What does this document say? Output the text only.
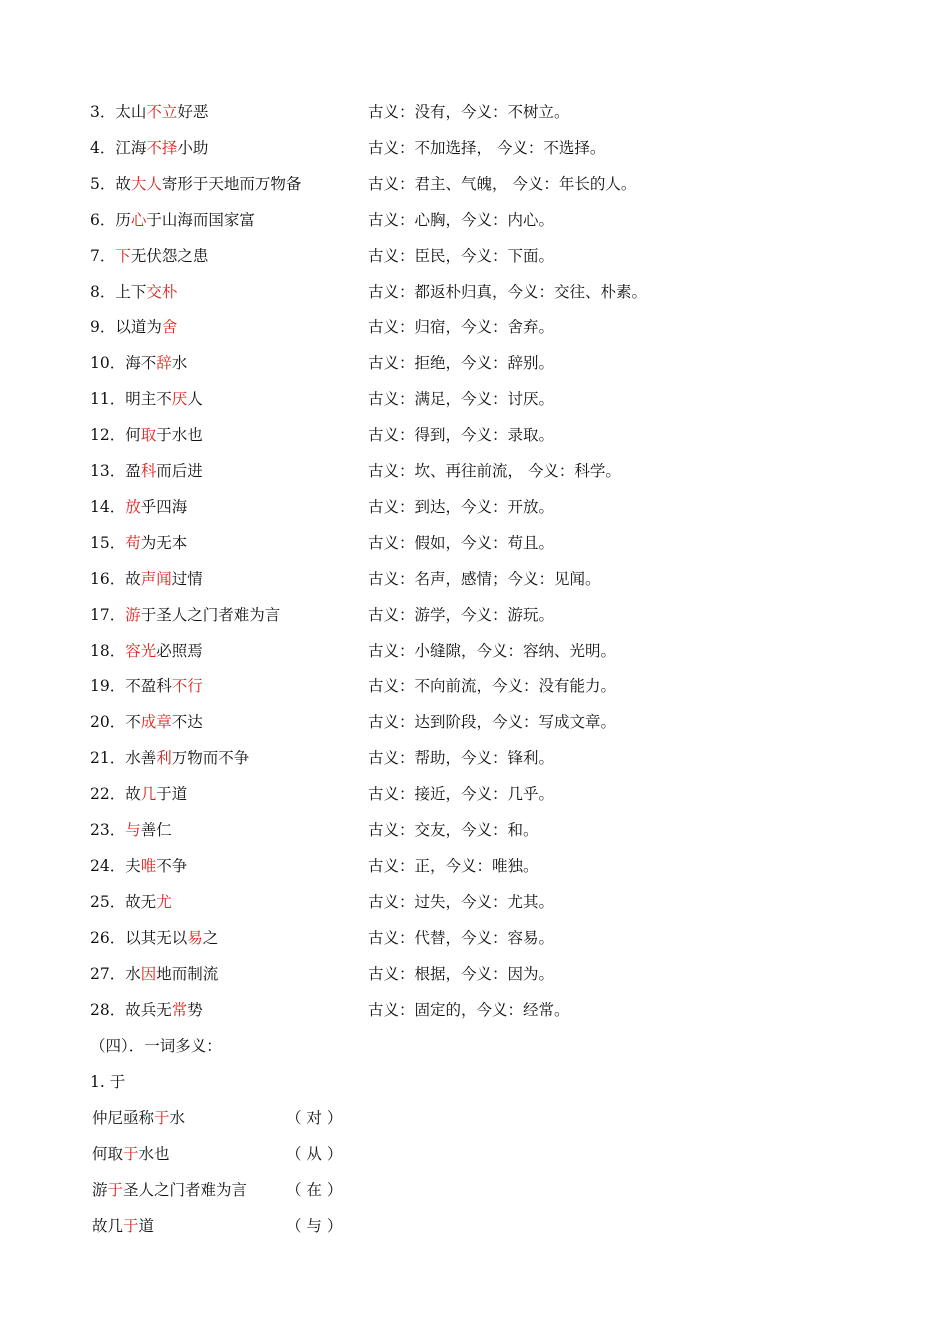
3．太山不立好恶	古义：没有，今义：不树立。
4．江海不择小助	古义：不加选择， 今义：不选择。
5．故大人寄形于天地而万物备	古义：君主、气魄， 今义：年长的人。
6．历心于山海而国家富	古义：心胸，今义：内心。
7．下无伏怨之患	古义：臣民，今义：下面。
8．上下交朴	古义：都返朴归真，今义：交往、朴素。
9．以道为舍	古义：归宿，今义：舍弃。
10．海不辞水	古义：拒绝，今义：辞别。
11．明主不厌人	古义：满足，今义：讨厌。
12．何取于水也	古义：得到，今义：录取。
13．盈科而后进	古义：坎、再往前流， 今义：科学。
14．放乎四海	古义：到达，今义：开放。
15．苟为无本	古义：假如，今义：苟且。
16．故声闻过情	古义：名声，感情；今义：见闻。
17．游于圣人之门者难为言	古义：游学，今义：游玩。
18．容光必照焉	古义：小缝隙，今义：容纳、光明。
19．不盈科不行	古义：不向前流，今义：没有能力。
20．不成章不达	古义：达到阶段，今义：写成文章。
21．水善利万物而不争	古义：帮助，今义：锋利。
22．故几于道	古义：接近，今义：几乎。
23．与善仁	古义：交友，今义：和。
24．夫唯不争	古义：正，今义：唯独。
25．故无尤	古义：过失，今义：尤其。
26．以其无以易之	古义：代替，今义：容易。
27．水因地而制流	古义：根据，今义：因为。
28．故兵无常势	古义：固定的，今义：经常。
（四）．一词多义：
1. 于
仲尼亟称于水	（ 对 ）
何取于水也	（ 从 ）
游于圣人之门者难为言	（ 在 ）
故几于道	（ 与 ）
